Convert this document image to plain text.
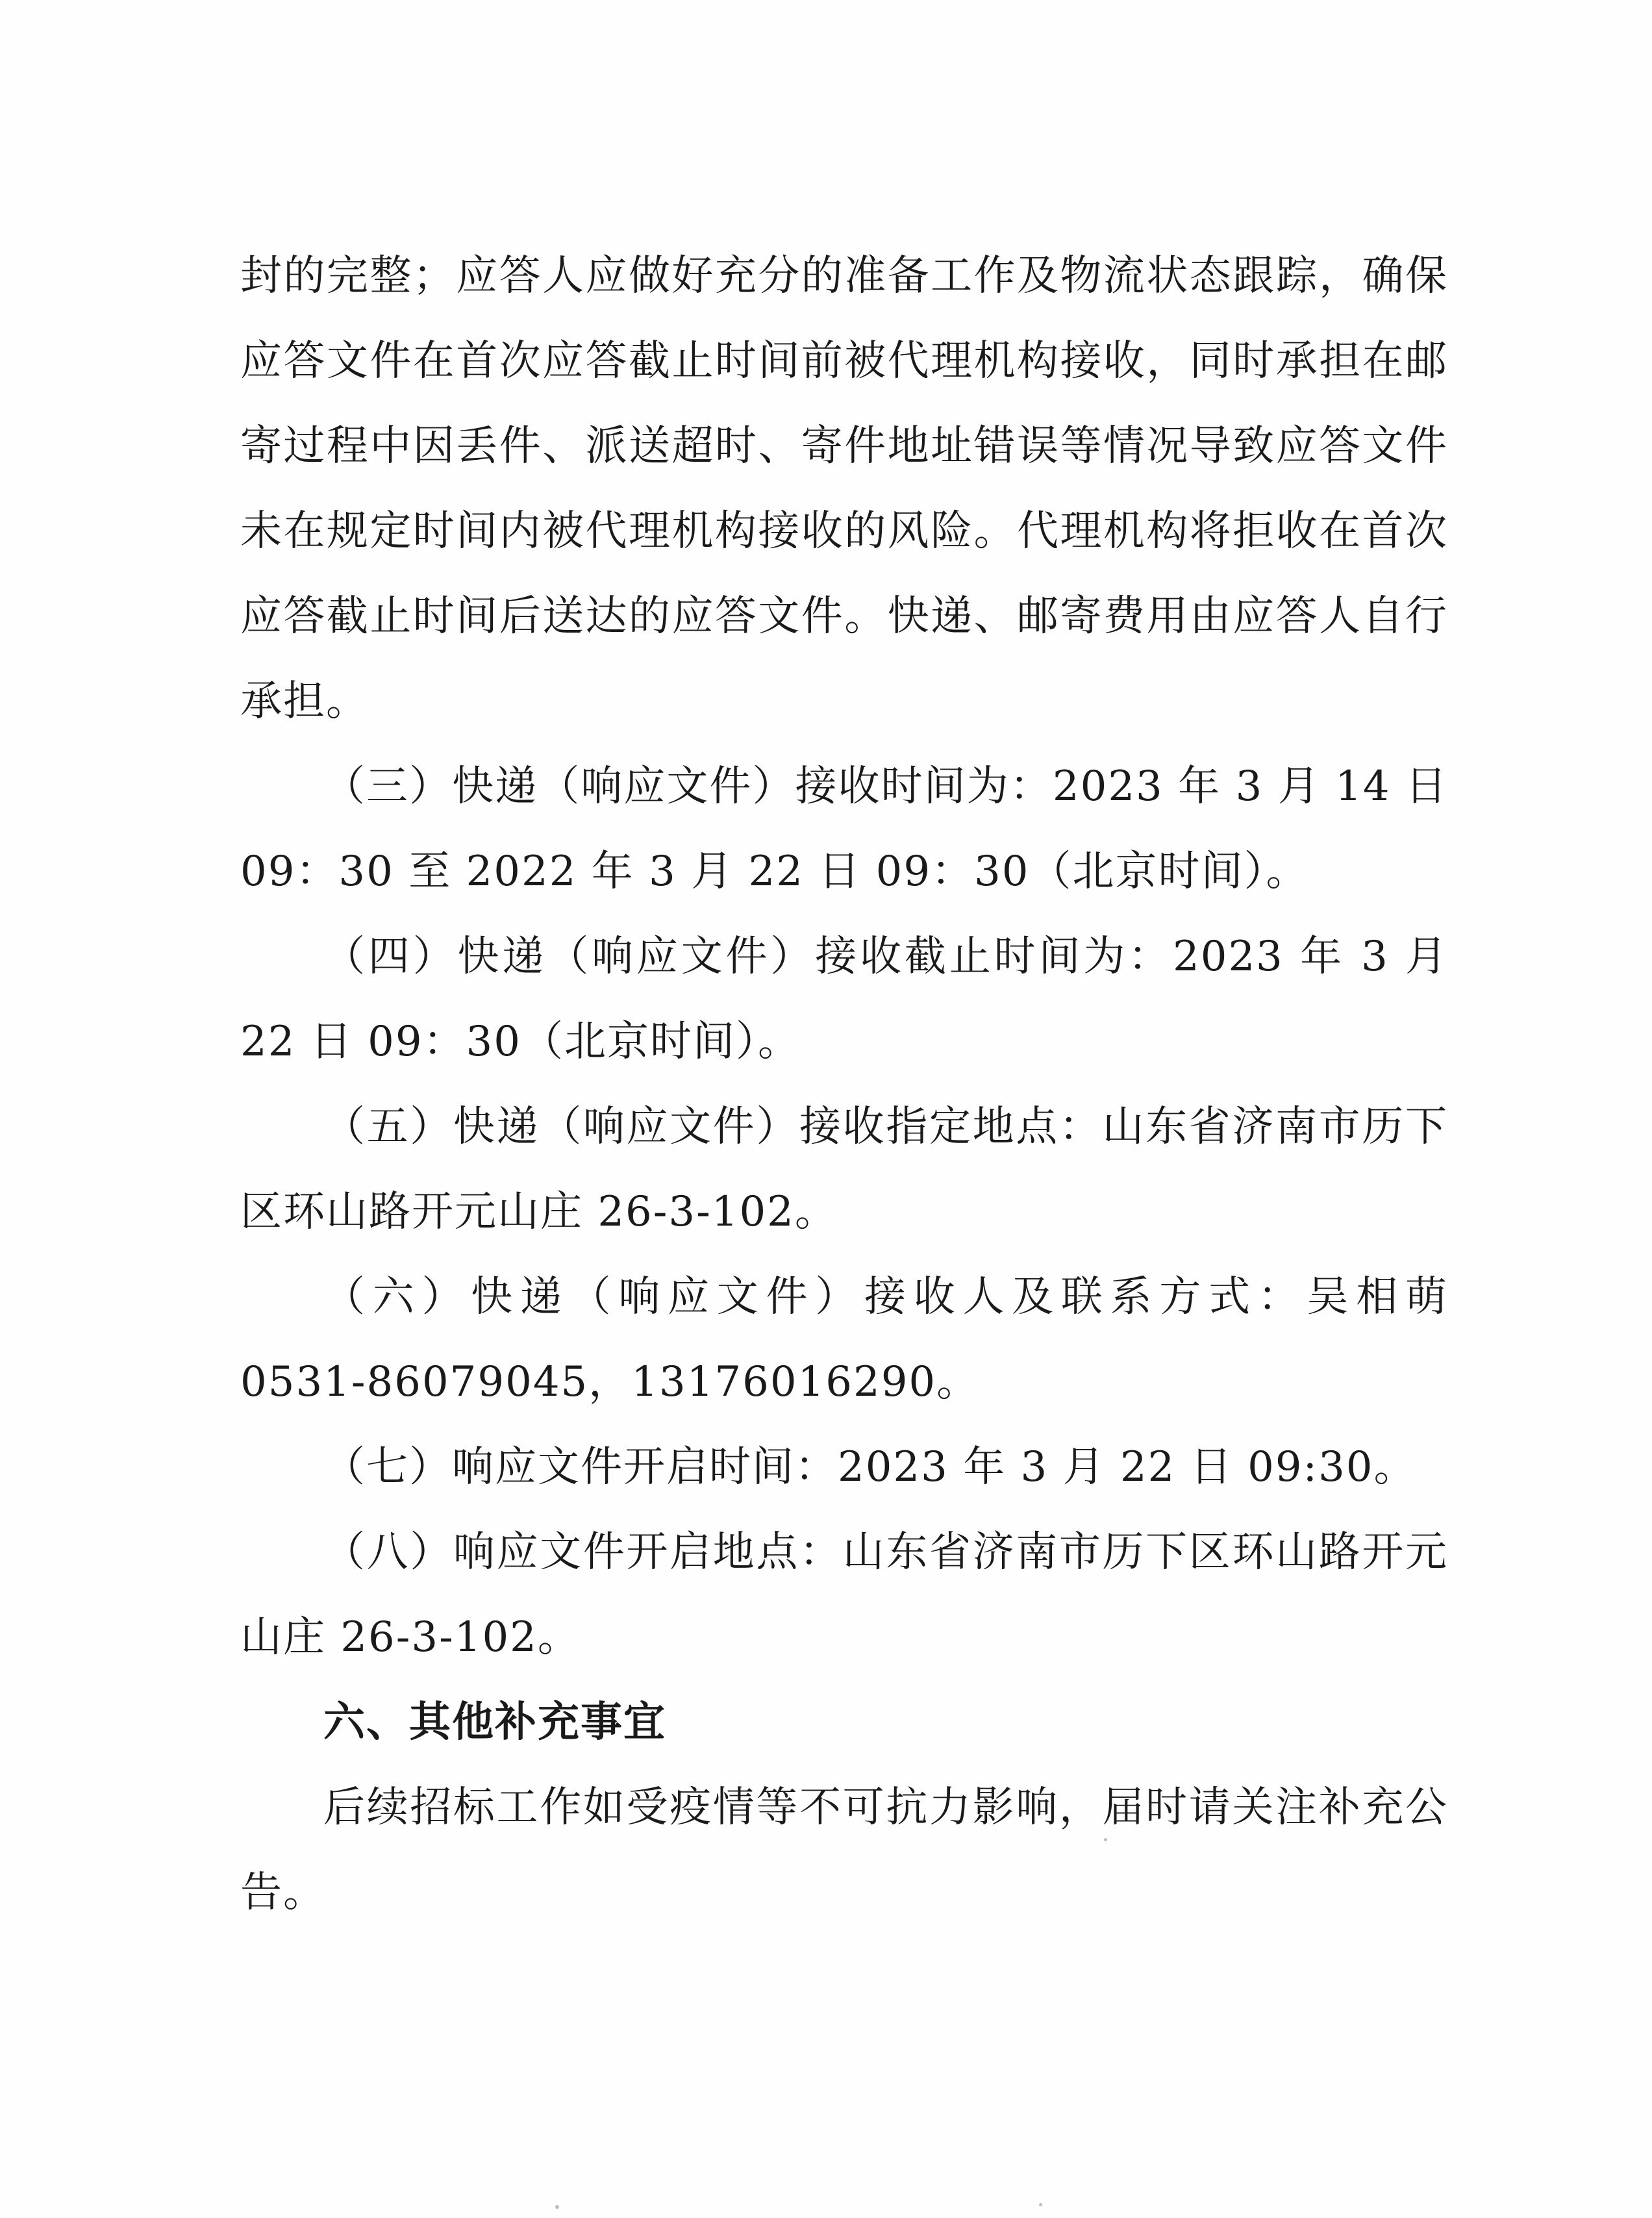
封的完整；应答人应做好充分的准备工作及物流状态跟踪，确保应答文件在首次应答截止时间前被代理机构接收，同时承担在邮寄过程中因丢件、派送超时、寄件地址错误等情况导致应答文件未在规定时间内被代理机构接收的风险。代理机构将拒收在首次应答截止时间后送达的应答文件。快递、邮寄费用由应答人自行承担。

（三）快递（响应文件）接收时间为：2023 年 3 月 14 日 09：30 至 2022 年 3 月 22 日 09：30（北京时间）。

（四）快递（响应文件）接收截止时间为：2023 年 3 月 22 日 09：30（北京时间）。

（五）快递（响应文件）接收指定地点：山东省济南市历下区环山路开元山庄 26-3-102。

（六）快递（响应文件）接收人及联系方式：吴相萌 0531-86079045，13176016290。

（七）响应文件开启时间：2023 年 3 月 22 日 09:30。

（八）响应文件开启地点：山东省济南市历下区环山路开元山庄 26-3-102。

六、其他补充事宜

后续招标工作如受疫情等不可抗力影响，届时请关注补充公告。
